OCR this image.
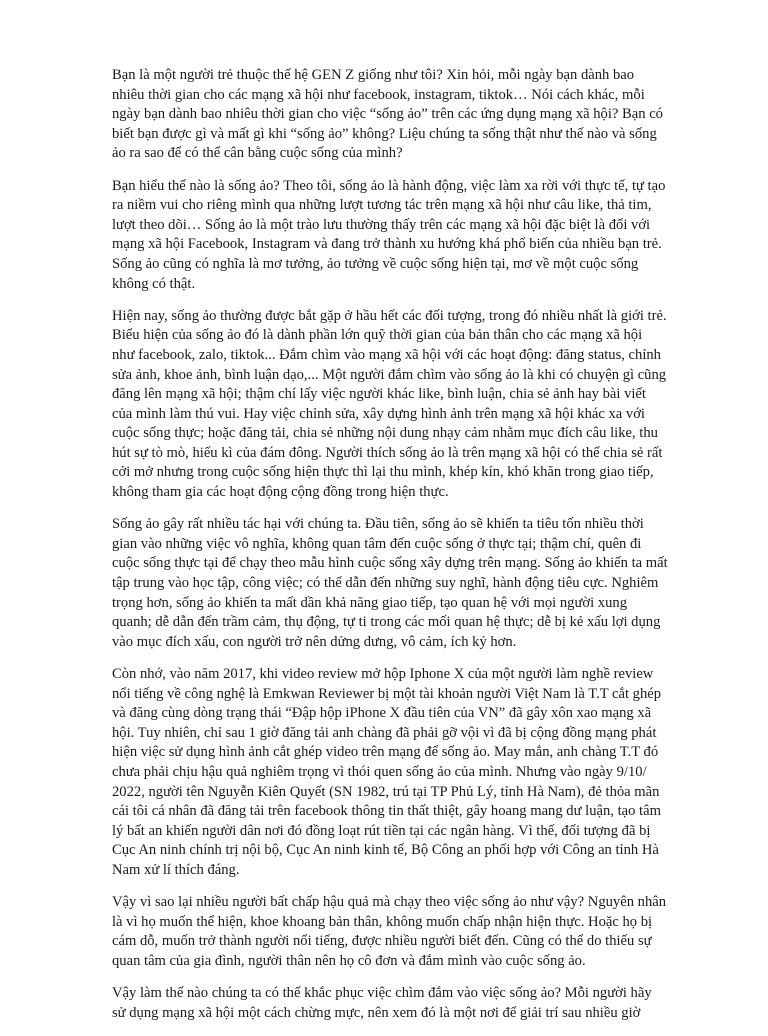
Bạn là một người trẻ thuộc thế hệ GEN Z giống như tôi? Xin hỏi, mỗi ngày bạn dành bao nhiêu thời gian cho các mạng xã hội như facebook, instagram, tiktok… Nói cách khác, mỗi ngày bạn dành bao nhiêu thời gian cho việc “sống ảo” trên các ứng dụng mạng xã hội? Bạn có biết bạn được gì và mất gì khi “sống ảo” không? Liệu chúng ta sống thật như thế nào và sống ảo ra sao để có thể cân bằng cuộc sống của mình?

Bạn hiểu thế nào là sống ảo? Theo tôi, sống ảo là hành động, việc làm xa rời với thực tế, tự tạo ra niềm vui cho riêng mình qua những lượt tương tác trên mạng xã hội như câu like, thả tim, lượt theo dõi… Sống ảo là một trào lưu thường thấy trên các mạng xã hội đặc biệt là đối với mạng xã hội Facebook, Instagram và đang trở thành xu hướng khá phổ biến của nhiều bạn trẻ. Sống ảo cũng có nghĩa là mơ tưởng, ảo tưởng về cuộc sống hiện tại, mơ về một cuộc sống không có thật.

Hiện nay, sống ảo thường được bắt gặp ở hầu hết các đối tượng, trong đó nhiều nhất là giới trẻ. Biểu hiện của sống ảo đó là dành phần lớn quỹ thời gian của bản thân cho các mạng xã hội như facebook, zalo, tiktok... Đắm chìm vào mạng xã hội với các hoạt động: đăng status, chỉnh sửa ảnh, khoe ảnh, bình luận dạo,... Một người đắm chìm vào sống ảo là khi có chuyện gì cũng đăng lên mạng xã hội; thậm chí lấy việc người khác like, bình luận, chia sẻ ảnh hay bài viết của mình làm thú vui. Hay việc chỉnh sửa, xây dựng hình ảnh trên mạng xã hội khác xa với cuộc sống thực; hoặc đăng tải, chia sẻ những nội dung nhạy cảm nhằm mục đích câu like, thu hút sự tò mò, hiếu kì của đám đông. Người thích sống ảo là trên mạng xã hội có thể chia sẻ rất cởi mở nhưng trong cuộc sống hiện thực thì lại thu mình, khép kín, khó khăn trong giao tiếp, không tham gia các hoạt động cộng đồng trong hiện thực.

Sống ảo gây rất nhiều tác hại với chúng ta. Đầu tiên, sống ảo sẽ khiến ta tiêu tốn nhiều thời gian vào những việc vô nghĩa, không quan tâm đến cuộc sống ở thực tại; thậm chí, quên đi cuộc sống thực tại để chạy theo mẫu hình cuộc sống xây dựng trên mạng. Sống ảo khiến ta mất tập trung vào học tập, công việc; có thể dẫn đến những suy nghĩ, hành động tiêu cực. Nghiêm trọng hơn, sống ảo khiến ta mất dần khả năng giao tiếp, tạo quan hệ với mọi người xung quanh; dễ dẫn đến trầm cảm, thụ động, tự ti trong các mối quan hệ thực; dễ bị kẻ xấu lợi dụng vào mục đích xấu, con người trở nên dửng dưng, vô cảm, ích kỷ hơn.

Còn nhớ, vào năm 2017, khi video review mở hộp Iphone X của một người làm nghề review nổi tiếng về công nghệ là Emkwan Reviewer bị một tài khoản người Việt Nam là T.T cắt ghép và đăng cùng dòng trạng thái “Đập hộp iPhone X đầu tiên của VN” đã gây xôn xao mạng xã hội. Tuy nhiên, chỉ sau 1 giờ đăng tải anh chàng đã phải gỡ vội vì đã bị cộng đồng mạng phát hiện việc sử dụng hình ảnh cắt ghép video trên mạng để sống ảo. May mắn, anh chàng T.T đó chưa phải chịu hậu quả nghiêm trọng vì thói quen sống ảo của mình. Nhưng vào ngày 9/10/ 2022, người tên Nguyễn Kiên Quyết (SN 1982, trú tại TP Phủ Lý, tỉnh Hà Nam), đẻ thỏa mãn cái tôi cá nhân đã đăng tải trên facebook thông tin thất thiệt, gây hoang mang dư luận, tạo tâm lý bất an khiến người dân nơi đó đồng loạt rút tiền tại các ngân hàng. Vì thế, đối tượng đã bị Cục An ninh chính trị nội bộ, Cục An ninh kinh tế, Bộ Công an phối hợp với Công an tỉnh Hà Nam xử lí thích đáng.

Vậy vì sao lại nhiều người bất chấp hậu quả mà chạy theo việc sống ảo như vậy? Nguyên nhân là vì họ muốn thể hiện, khoe khoang bản thân, không muốn chấp nhận hiện thực. Hoặc họ bị cám dỗ, muốn trở thành người nổi tiếng, được nhiều người biết đến. Cũng có thể do thiếu sự quan tâm của gia đình, người thân nên họ cô đơn và đắm mình vào cuộc sống ảo.

Vậy làm thế nào chúng ta có thể khắc phục việc chìm đắm vào việc sống ảo? Mỗi người hãy sử dụng mạng xã hội một cách chừng mực, nên xem đó là một nơi để giải trí sau nhiều giờ
